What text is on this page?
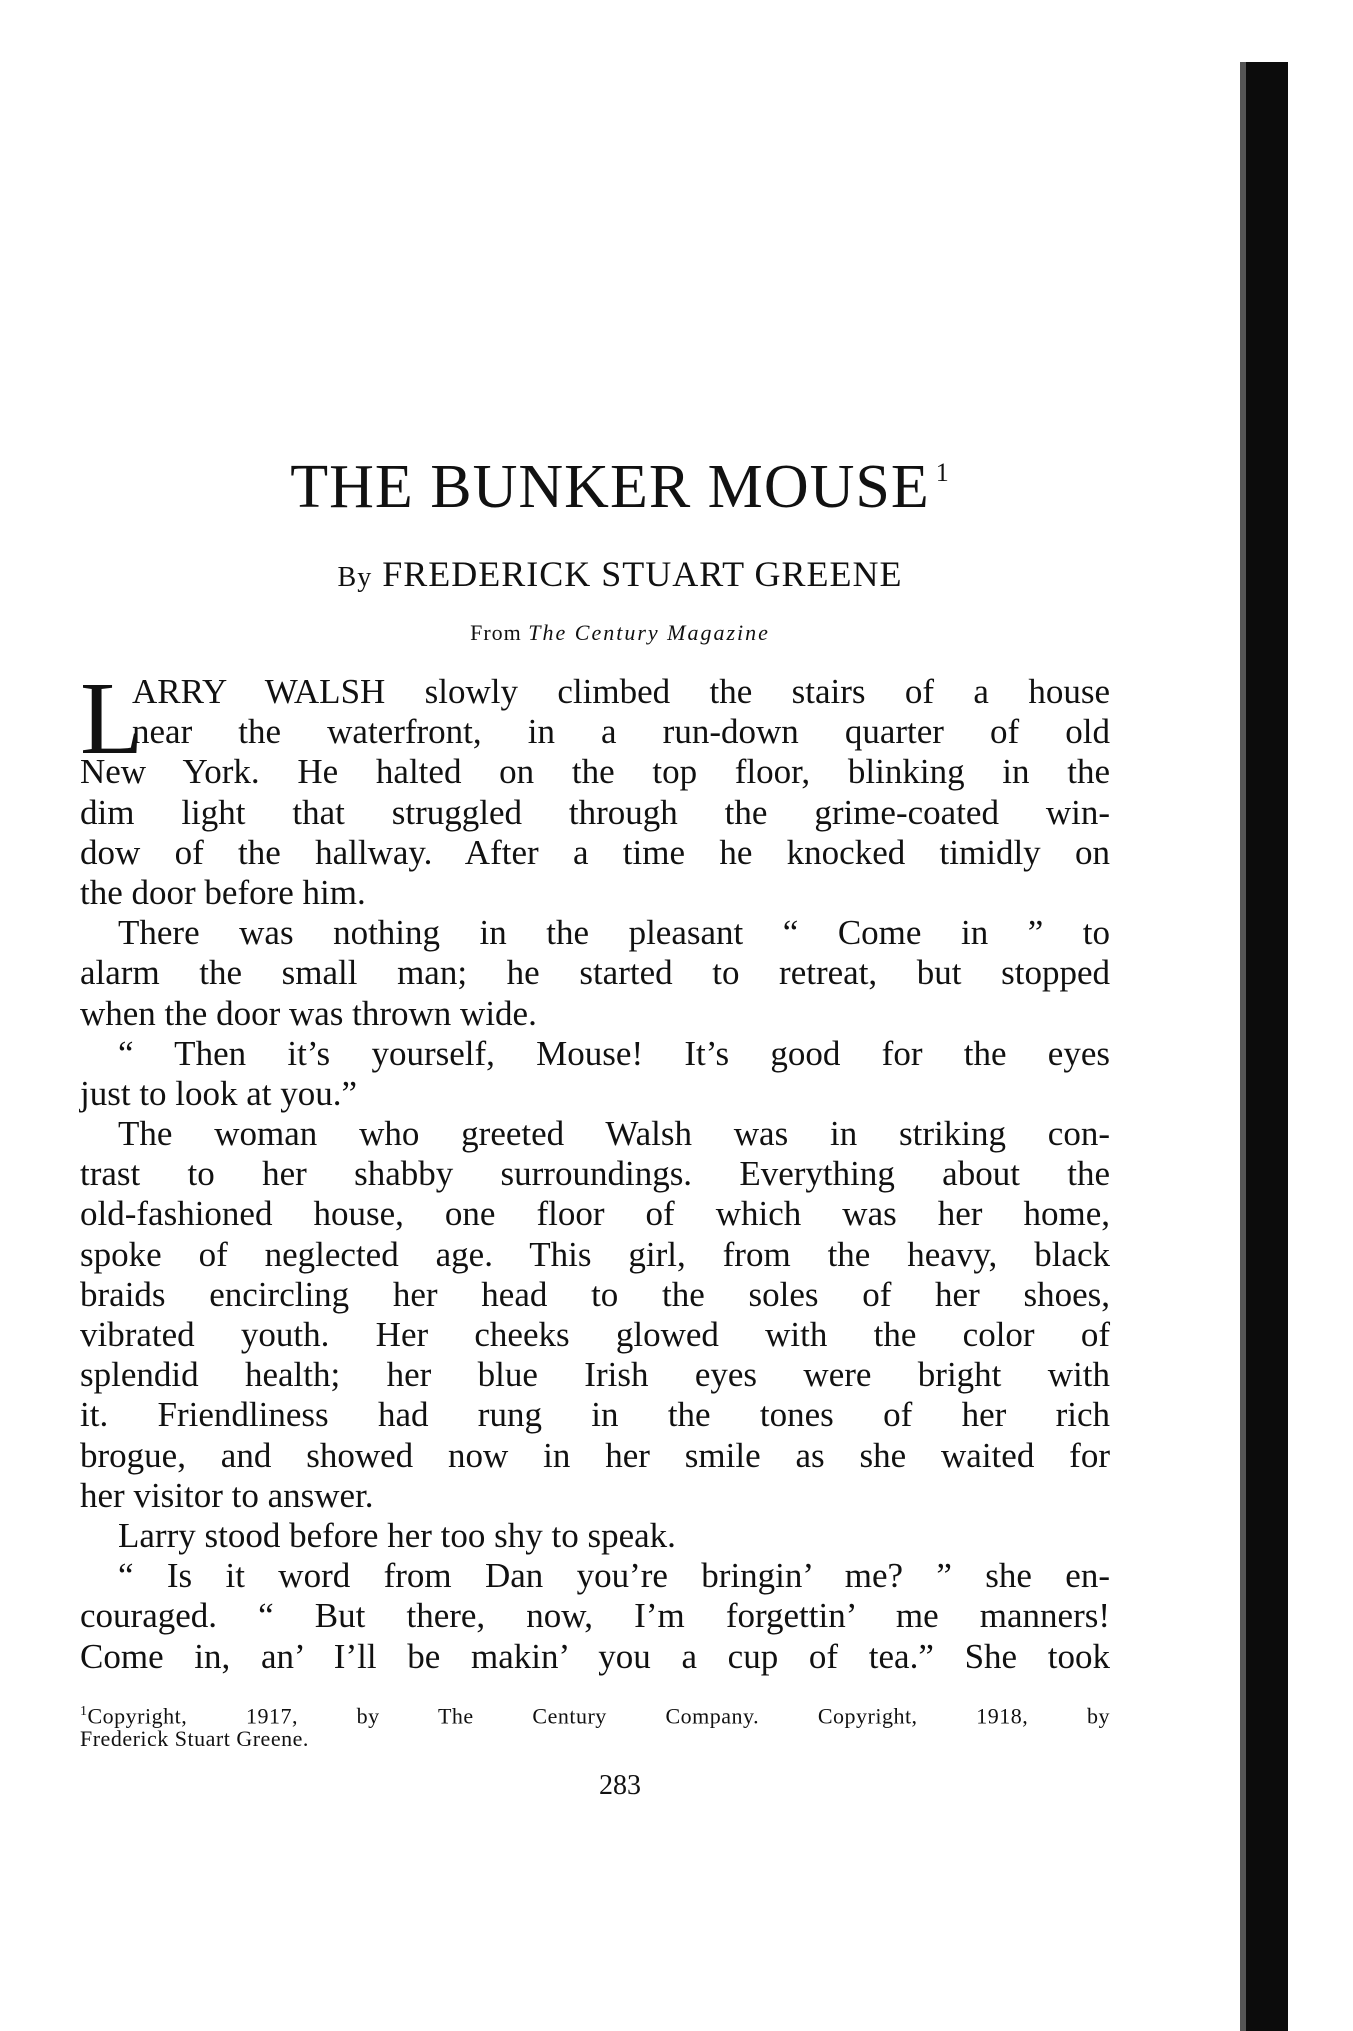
THE BUNKER MOUSE $^1$
By FREDERICK STUART GREENE
From The Century Magazine
L
ARRY WALSH slowly climbed the stairs of a house
near the waterfront, in a run-down quarter of old
New York. He halted on the top floor, blinking in the
dim light that struggled through the grime-coated win-
dow of the hallway. After a time he knocked timidly on
the door before him.
There was nothing in the pleasant “ Come in ” to
alarm the small man; he started to retreat, but stopped
when the door was thrown wide.
“ Then it’s yourself, Mouse! It’s good for the eyes
just to look at you.”
The woman who greeted Walsh was in striking con-
trast to her shabby surroundings. Everything about the
old-fashioned house, one floor of which was her home,
spoke of neglected age. This girl, from the heavy, black
braids encircling her head to the soles of her shoes,
vibrated youth. Her cheeks glowed with the color of
splendid health; her blue Irish eyes were bright with
it. Friendliness had rung in the tones of her rich
brogue, and showed now in her smile as she waited for
her visitor to answer.
Larry stood before her too shy to speak.
“ Is it word from Dan you’re bringin’ me? ” she en-
couraged. “ But there, now, I’m forgettin’ me manners!
Come in, an’ I’ll be makin’ you a cup of tea.” She took
$^1$Copyright, 1917, by The Century Company. Copyright, 1918, by
Frederick Stuart Greene.
283
